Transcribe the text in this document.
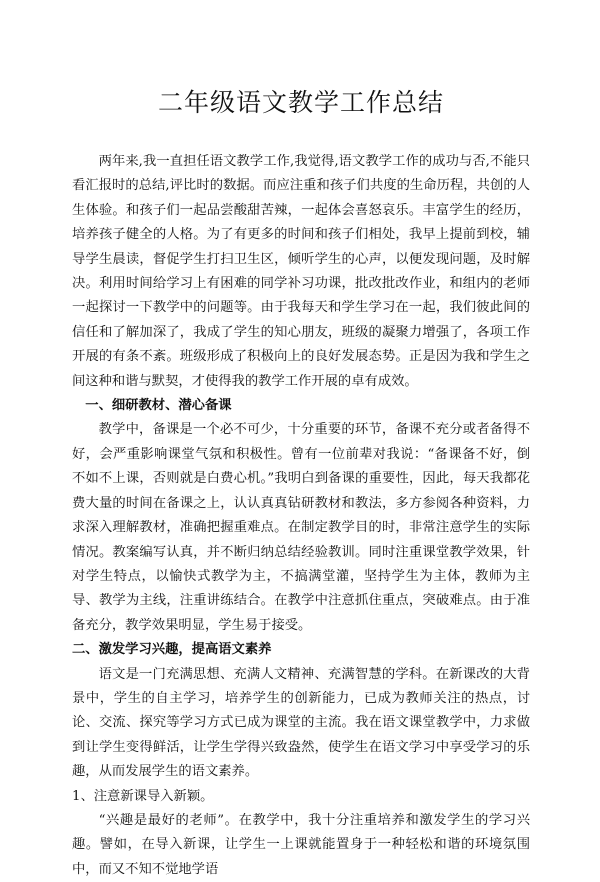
二年级语文教学工作总结

两年来,我一直担任语文教学工作,我觉得,语文教学工作的成功与否,不能只看汇报时的总结,评比时的数据。而应注重和孩子们共度的生命历程，共创的人生体验。和孩子们一起品尝酸甜苦辣，一起体会喜怒哀乐。丰富学生的经历，培养孩子健全的人格。为了有更多的时间和孩子们相处，我早上提前到校，辅导学生晨读，督促学生打扫卫生区，倾听学生的心声，以便发现问题，及时解决。利用时间给学习上有困难的同学补习功课，批改批改作业，和组内的老师一起探讨一下教学中的问题等。由于我每天和学生学习在一起，我们彼此间的信任和了解加深了，我成了学生的知心朋友，班级的凝聚力增强了，各项工作开展的有条不紊。班级形成了积极向上的良好发展态势。正是因为我和学生之间这种和谐与默契，才使得我的教学工作开展的卓有成效。

一、细研教材、潜心备课

教学中，备课是一个必不可少，十分重要的环节，备课不充分或者备得不好，会严重影响课堂气氛和积极性。曾有一位前辈对我说：“备课备不好，倒不如不上课，否则就是白费心机。”我明白到备课的重要性，因此，每天我都花费大量的时间在备课之上，认认真真钻研教材和教法，多方参阅各种资料，力求深入理解教材，准确把握重难点。在制定教学目的时，非常注意学生的实际情况。教案编写认真，并不断归纳总结经验教训。同时注重课堂教学效果，针对学生特点，以愉快式教学为主，不搞满堂灌，坚持学生为主体，教师为主导、教学为主线，注重讲练结合。在教学中注意抓住重点，突破难点。由于准备充分，教学效果明显，学生易于接受。

二、激发学习兴趣，提高语文素养

语文是一门充满思想、充满人文精神、充满智慧的学科。在新课改的大背景中，学生的自主学习，培养学生的创新能力，已成为教师关注的热点，讨论、交流、探究等学习方式已成为课堂的主流。我在语文课堂教学中，力求做到让学生变得鲜活，让学生学得兴致盎然，使学生在语文学习中享受学习的乐趣，从而发展学生的语文素养。

1、注意新课导入新颖。

“兴趣是最好的老师”。在教学中，我十分注重培养和激发学生的学习兴趣。譬如，在导入新课，让学生一上课就能置身于一种轻松和谐的环境氛围中，而又不知不觉地学语
